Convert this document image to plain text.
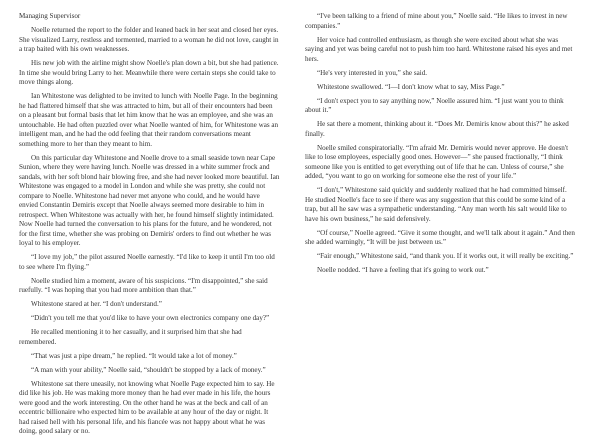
Managing Supervisor

Noelle returned the report to the folder and leaned back in her seat and closed her eyes. She visualized Larry, restless and tormented, married to a woman he did not love, caught in a trap baited with his own weaknesses.

His new job with the airline might show Noelle's plan down a bit, but she had patience. In time she would bring Larry to her. Meanwhile there were certain steps she could take to move things along.

Ian Whitestone was delighted to be invited to lunch with Noelle Page. In the beginning he had flattered himself that she was attracted to him, but all of their encounters had been on a pleasant but formal basis that let him know that he was an employee, and she was an untouchable. He had often puzzled over what Noelle wanted of him, for Whitestone was an intelligent man, and he had the odd feeling that their random conversations meant something more to her than they meant to him.

On this particular day Whitestone and Noelle drove to a small seaside town near Cape Sunion, where they were having lunch. Noelle was dressed in a white summer frock and sandals, with her soft blond hair blowing free, and she had never looked more beautiful. Ian Whitestone was engaged to a model in London and while she was pretty, she could not compare to Noelle. Whitestone had never met anyone who could, and he would have envied Constantin Demiris except that Noelle always seemed more desirable to him in retrospect. When Whitestone was actually with her, he found himself slightly intimidated. Now Noelle had turned the conversation to his plans for the future, and he wondered, not for the first time, whether she was probing on Demiris' orders to find out whether he was loyal to his employer.

“I love my job,” the pilot assured Noelle earnestly. “I'd like to keep it until I'm too old to see where I'm flying.”

Noelle studied him a moment, aware of his suspicions. “I'm disappointed,” she said ruefully. “I was hoping that you had more ambition than that.”

Whitestone stared at her. “I don't understand.”

“Didn't you tell me that you'd like to have your own electronics company one day?”

He recalled mentioning it to her casually, and it surprised him that she had remembered.

“That was just a pipe dream,” he replied. “It would take a lot of money.”

“A man with your ability,” Noelle said, “shouldn't be stopped by a lack of money.”

Whitestone sat there uneasily, not knowing what Noelle Page expected him to say. He did like his job. He was making more money than he had ever made in his life, the hours were good and the work interesting. On the other hand he was at the beck and call of an eccentric billionaire who expected him to be available at any hour of the day or night. It had raised hell with his personal life, and his fiancée was not happy about what he was doing, good salary or no.

“I've been talking to a friend of mine about you,” Noelle said. “He likes to invest in new companies.”

Her voice had controlled enthusiasm, as though she were excited about what she was saying and yet was being careful not to push him too hard. Whitestone raised his eyes and met hers.

“He's very interested in you,” she said.

Whitestone swallowed. “I—I don't know what to say, Miss Page.”

“I don't expect you to say anything now,” Noelle assured him. “I just want you to think about it.”

He sat there a moment, thinking about it. “Does Mr. Demiris know about this?” he asked finally.

Noelle smiled conspiratorially. “I'm afraid Mr. Demiris would never approve. He doesn't like to lose employees, especially good ones. However—” she paused fractionally, “I think someone like you is entitled to get everything out of life that he can. Unless of course,” she added, “you want to go on working for someone else the rest of your life.”

“I don't,” Whitestone said quickly and suddenly realized that he had committed himself. He studied Noelle's face to see if there was any suggestion that this could be some kind of a trap, but all he saw was a sympathetic understanding. “Any man worth his salt would like to have his own business,” he said defensively.

“Of course,” Noelle agreed. “Give it some thought, and we'll talk about it again.” And then she added warningly, “It will be just between us.”

“Fair enough,” Whitestone said, “and thank you. If it works out, it will really be exciting.”

Noelle nodded. “I have a feeling that it's going to work out.”
